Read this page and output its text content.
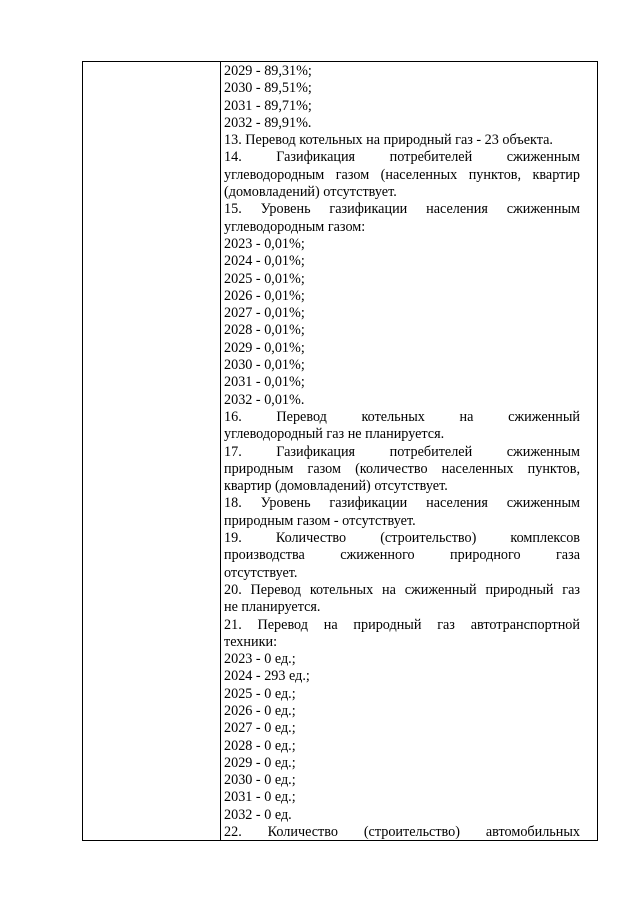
2029 - 89,31%;
2030 - 89,51%;
2031 - 89,71%;
2032 - 89,91%.
13. Перевод котельных на природный газ - 23 объекта.
14. Газификация потребителей сжиженным
углеводородным газом (населенных пунктов, квартир
(домовладений) отсутствует.
15. Уровень газификации населения сжиженным
углеводородным газом:
2023 - 0,01%;
2024 - 0,01%;
2025 - 0,01%;
2026 - 0,01%;
2027 - 0,01%;
2028 - 0,01%;
2029 - 0,01%;
2030 - 0,01%;
2031 - 0,01%;
2032 - 0,01%.
16. Перевод котельных на сжиженный
углеводородный газ не планируется.
17. Газификация потребителей сжиженным
природным газом (количество населенных пунктов,
квартир (домовладений) отсутствует.
18. Уровень газификации населения сжиженным
природным газом - отсутствует.
19. Количество (строительство) комплексов
производства сжиженного природного газа
отсутствует.
20. Перевод котельных на сжиженный природный газ
не планируется.
21. Перевод на природный газ автотранспортной
техники:
2023 - 0 ед.;
2024 - 293 ед.;
2025 - 0 ед.;
2026 - 0 ед.;
2027 - 0 ед.;
2028 - 0 ед.;
2029 - 0 ед.;
2030 - 0 ед.;
2031 - 0 ед.;
2032 - 0 ед.
22. Количество (строительство) автомобильных
